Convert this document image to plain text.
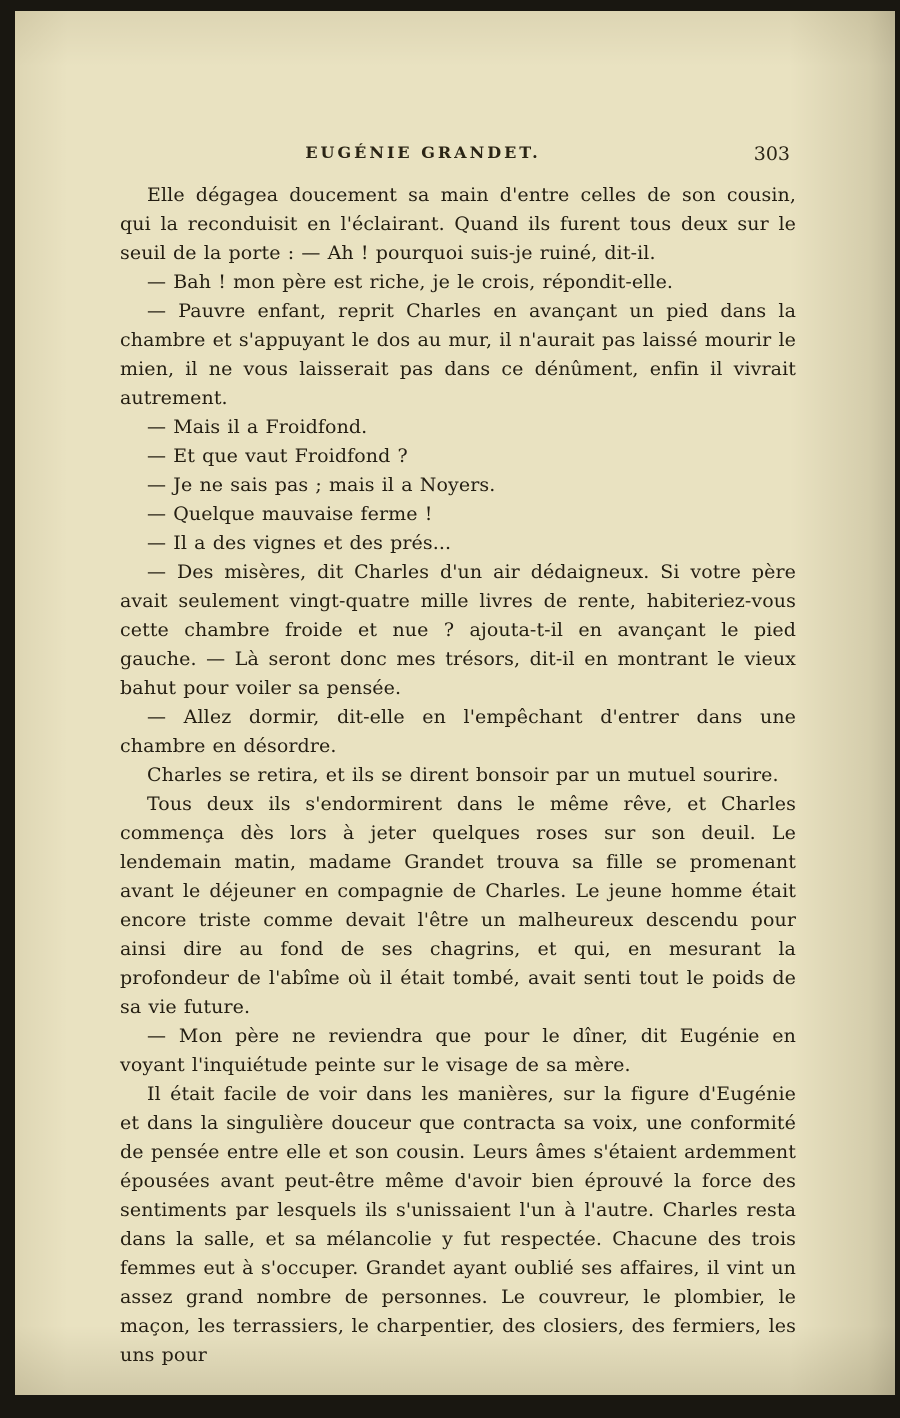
EUGÉNIE GRANDET.	303

Elle dégagea doucement sa main d'entre celles de son cousin, qui la reconduisit en l'éclairant. Quand ils furent tous deux sur le seuil de la porte : — Ah ! pourquoi suis-je ruiné, dit-il.

— Bah ! mon père est riche, je le crois, répondit-elle.

— Pauvre enfant, reprit Charles en avançant un pied dans la chambre et s'appuyant le dos au mur, il n'aurait pas laissé mourir le mien, il ne vous laisserait pas dans ce dénûment, enfin il vivrait autrement.

— Mais il a Froidfond.

— Et que vaut Froidfond ?

— Je ne sais pas ; mais il a Noyers.

— Quelque mauvaise ferme !

— Il a des vignes et des prés...

— Des misères, dit Charles d'un air dédaigneux. Si votre père avait seulement vingt-quatre mille livres de rente, habiteriez-vous cette chambre froide et nue ? ajouta-t-il en avançant le pied gauche. — Là seront donc mes trésors, dit-il en montrant le vieux bahut pour voiler sa pensée.

— Allez dormir, dit-elle en l'empêchant d'entrer dans une chambre en désordre.

Charles se retira, et ils se dirent bonsoir par un mutuel sourire.

Tous deux ils s'endormirent dans le même rêve, et Charles commença dès lors à jeter quelques roses sur son deuil. Le lendemain matin, madame Grandet trouva sa fille se promenant avant le déjeuner en compagnie de Charles. Le jeune homme était encore triste comme devait l'être un malheureux descendu pour ainsi dire au fond de ses chagrins, et qui, en mesurant la profondeur de l'abîme où il était tombé, avait senti tout le poids de sa vie future.

— Mon père ne reviendra que pour le dîner, dit Eugénie en voyant l'inquiétude peinte sur le visage de sa mère.

Il était facile de voir dans les manières, sur la figure d'Eugénie et dans la singulière douceur que contracta sa voix, une conformité de pensée entre elle et son cousin. Leurs âmes s'étaient ardemment épousées avant peut-être même d'avoir bien éprouvé la force des sentiments par lesquels ils s'unissaient l'un à l'autre. Charles resta dans la salle, et sa mélancolie y fut respectée. Chacune des trois femmes eut à s'occuper. Grandet ayant oublié ses affaires, il vint un assez grand nombre de personnes. Le couvreur, le plombier, le maçon, les terrassiers, le charpentier, des closiers, des fermiers, les uns pour
